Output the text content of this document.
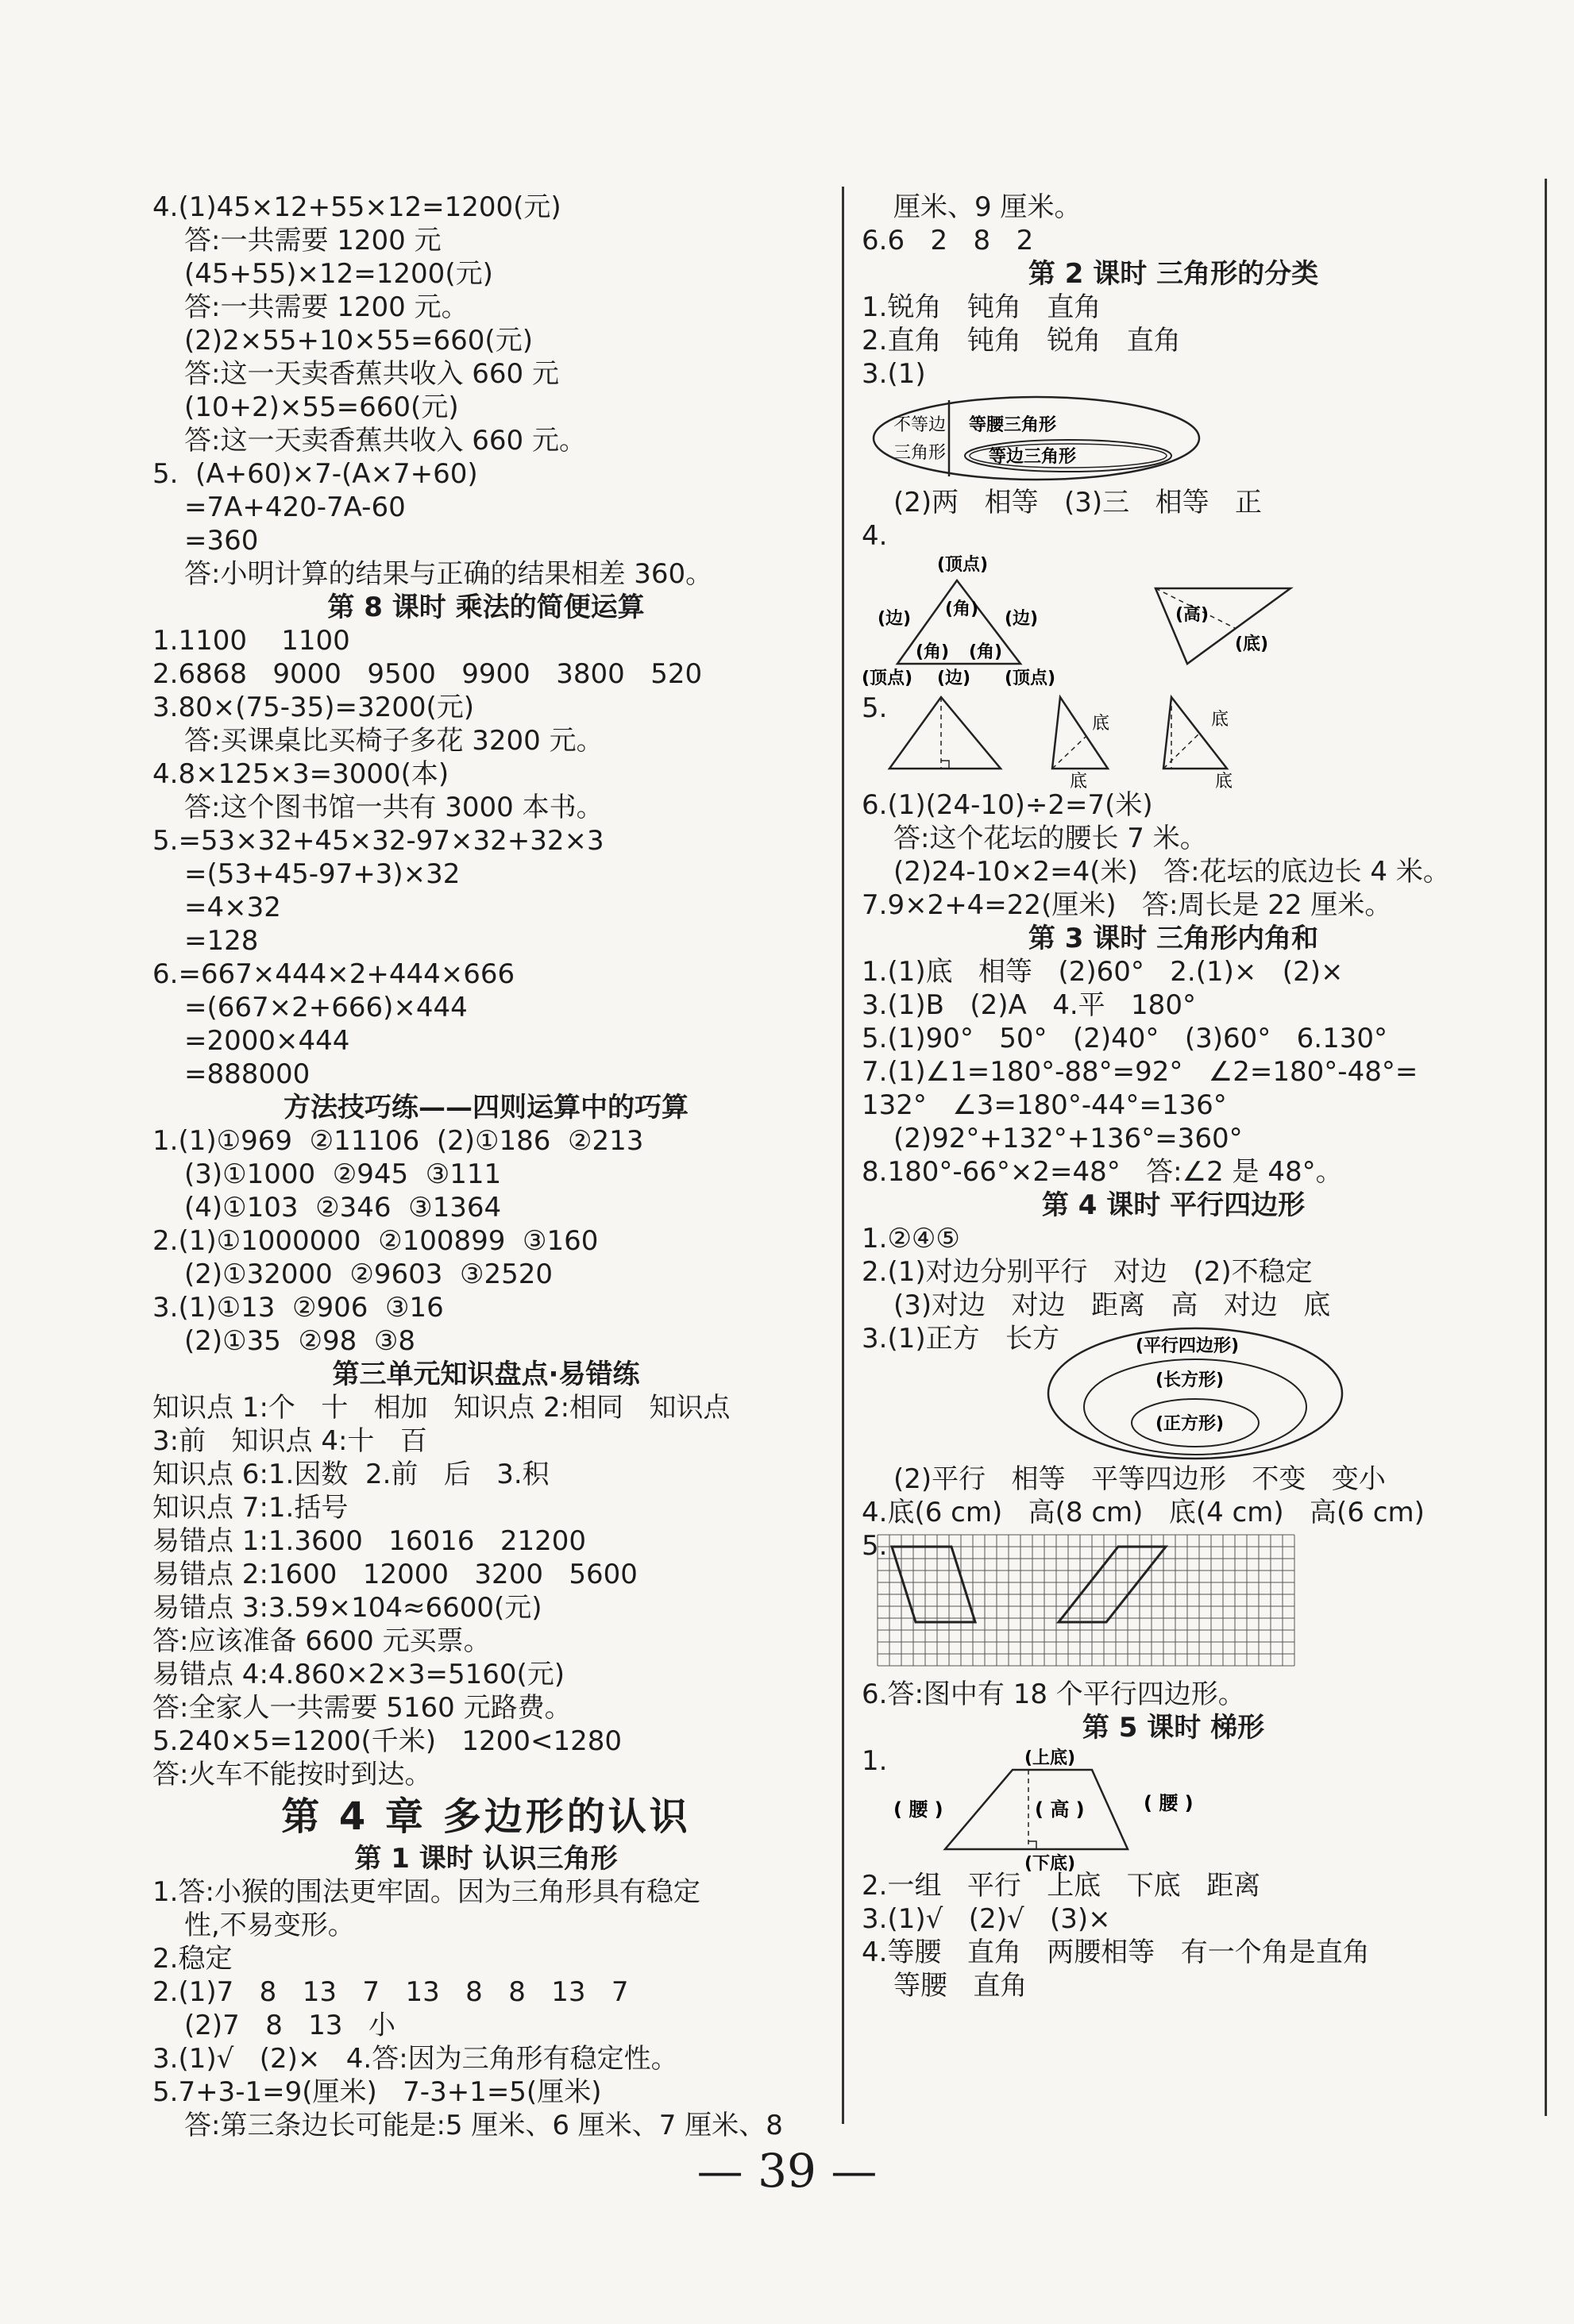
4.(1)45×12+55×12=1200(元)
答:一共需要 1200 元
(45+55)×12=1200(元)
答:一共需要 1200 元。
(2)2×55+10×55=660(元)
答:这一天卖香蕉共收入 660 元
(10+2)×55=660(元)
答:这一天卖香蕉共收入 660 元。
5.  (A+60)×7-(A×7+60)
=7A+420-7A-60
=360
答:小明计算的结果与正确的结果相差 360。
第 8 课时 乘法的简便运算
1.1100    1100
2.6868   9000   9500   9900   3800   520
3.80×(75-35)=3200(元)
答:买课桌比买椅子多花 3200 元。
4.8×125×3=3000(本)
答:这个图书馆一共有 3000 本书。
5.=53×32+45×32-97×32+32×3
=(53+45-97+3)×32
=4×32
=128
6.=667×444×2+444×666
=(667×2+666)×444
=2000×444
=888000
方法技巧练——四则运算中的巧算
1.(1)①969  ②11106  (2)①186  ②213
(3)①1000  ②945  ③111
(4)①103  ②346  ③1364
2.(1)①1000000  ②100899  ③160
(2)①32000  ②9603  ③2520
3.(1)①13  ②906  ③16
(2)①35  ②98  ③8
第三单元知识盘点·易错练
知识点 1:个   十   相加   知识点 2:相同   知识点
3:前   知识点 4:十   百
知识点 6:1.因数  2.前   后   3.积
知识点 7:1.括号
易错点 1:1.3600   16016   21200
易错点 2:1600   12000   3200   5600
易错点 3:3.59×104≈6600(元)
答:应该准备 6600 元买票。
易错点 4:4.860×2×3=5160(元)
答:全家人一共需要 5160 元路费。
5.240×5=1200(千米)   1200<1280
答:火车不能按时到达。
第 4 章 多边形的认识
第 1 课时 认识三角形
1.答:小猴的围法更牢固。因为三角形具有稳定
性,不易变形。
2.稳定
2.(1)7   8   13   7   13   8   8   13   7
(2)7   8   13   小
3.(1)√   (2)×   4.答:因为三角形有稳定性。
5.7+3-1=9(厘米)   7-3+1=5(厘米)
答:第三条边长可能是:5 厘米、6 厘米、7 厘米、8
厘米、9 厘米。
6.6   2   8   2
第 2 课时 三角形的分类
1.锐角   钝角   直角
2.直角   钝角   锐角   直角
3.(1)
不等边
三角形
等腰三角形
等边三角形
(2)两   相等   (3)三   相等   正
4.
(顶点)
(边)	(边)
(角)
(角) (角)
(顶点) (边) (顶点)
(高)
(底)
5.	底
底
底
底
6.(1)(24-10)÷2=7(米)
答:这个花坛的腰长 7 米。
(2)24-10×2=4(米)   答:花坛的底边长 4 米。
7.9×2+4=22(厘米)   答:周长是 22 厘米。
第 3 课时 三角形内角和
1.(1)底   相等   (2)60°   2.(1)×   (2)×
3.(1)B   (2)A   4.平   180°
5.(1)90°   50°   (2)40°   (3)60°   6.130°
7.(1)∠1=180°-88°=92°   ∠2=180°-48°=
132°   ∠3=180°-44°=136°
(2)92°+132°+136°=360°
8.180°-66°×2=48°   答:∠2 是 48°。
第 4 课时 平行四边形
1.②④⑤
2.(1)对边分别平行   对边   (2)不稳定
(3)对边   对边   距离   高   对边   底
3.(1)正方   长方	(平行四边形)
(长方形)
(正方形)
(2)平行   相等   平等四边形   不变   变小
4.底(6 cm)   高(8 cm)   底(4 cm)   高(6 cm)
5.
6.答:图中有 18 个平行四边形。
第 5 课时 梯形
1.	(上底)
( 腰 )	( 高 )	( 腰 )
(下底)
2.一组   平行   上底   下底   距离
3.(1)√   (2)√   (3)×
4.等腰   直角   两腰相等   有一个角是直角
等腰   直角
— 39 —
